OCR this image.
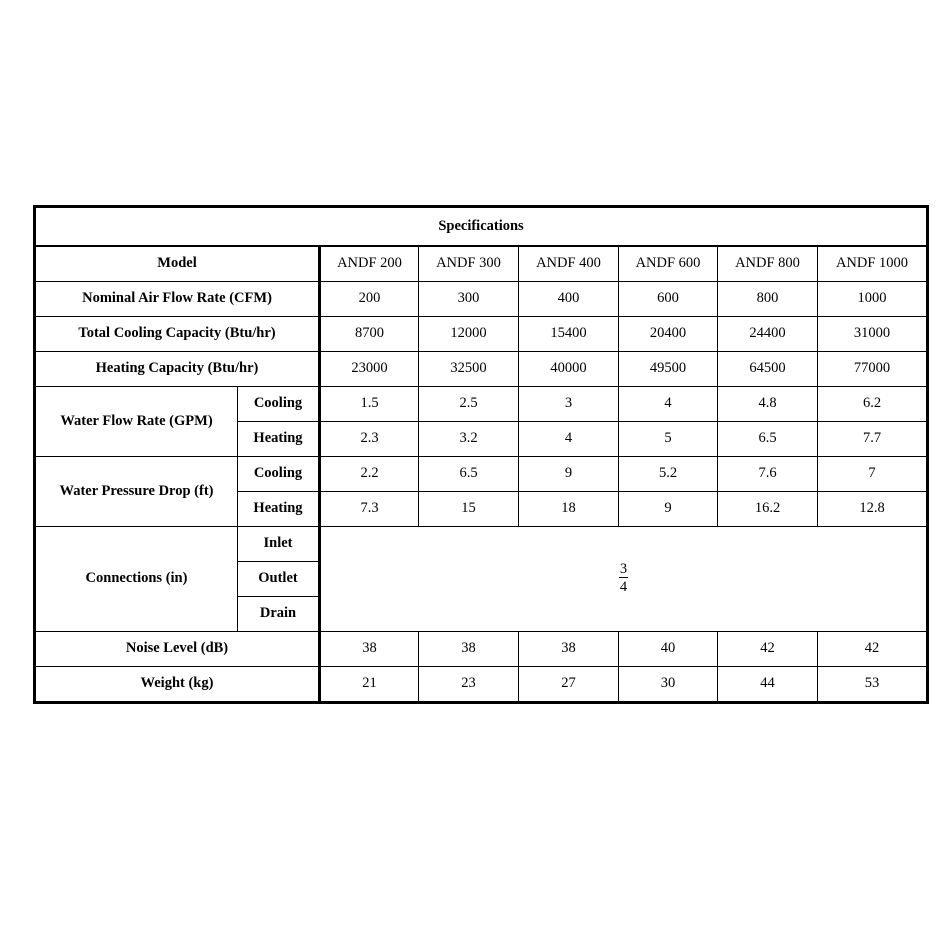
Specifications							
Model		ANDF 200	ANDF 300	ANDF 400	ANDF 600	ANDF 800	ANDF 1000
Nominal Air Flow Rate (CFM)		200	300	400	600	800	1000
Total Cooling Capacity (Btu/hr)		8700	12000	15400	20400	24400	31000
Heating Capacity (Btu/hr)		23000	32500	40000	49500	64500	77000
Water Flow Rate (GPM)	Cooling	1.5	2.5	3	4	4.8	6.2
	Heating	2.3	3.2	4	5	6.5	7.7
Water Pressure Drop (ft)	Cooling	2.2	6.5	9	5.2	7.6	7
	Heating	7.3	15	18	9	16.2	12.8
Connections (in)	Inlet	$\frac{3}{4}$

	Outlet						
	Drain						
Noise Level (dB)		38	38	38	40	42	42
Weight (kg)		21	23	27	30	44	53
